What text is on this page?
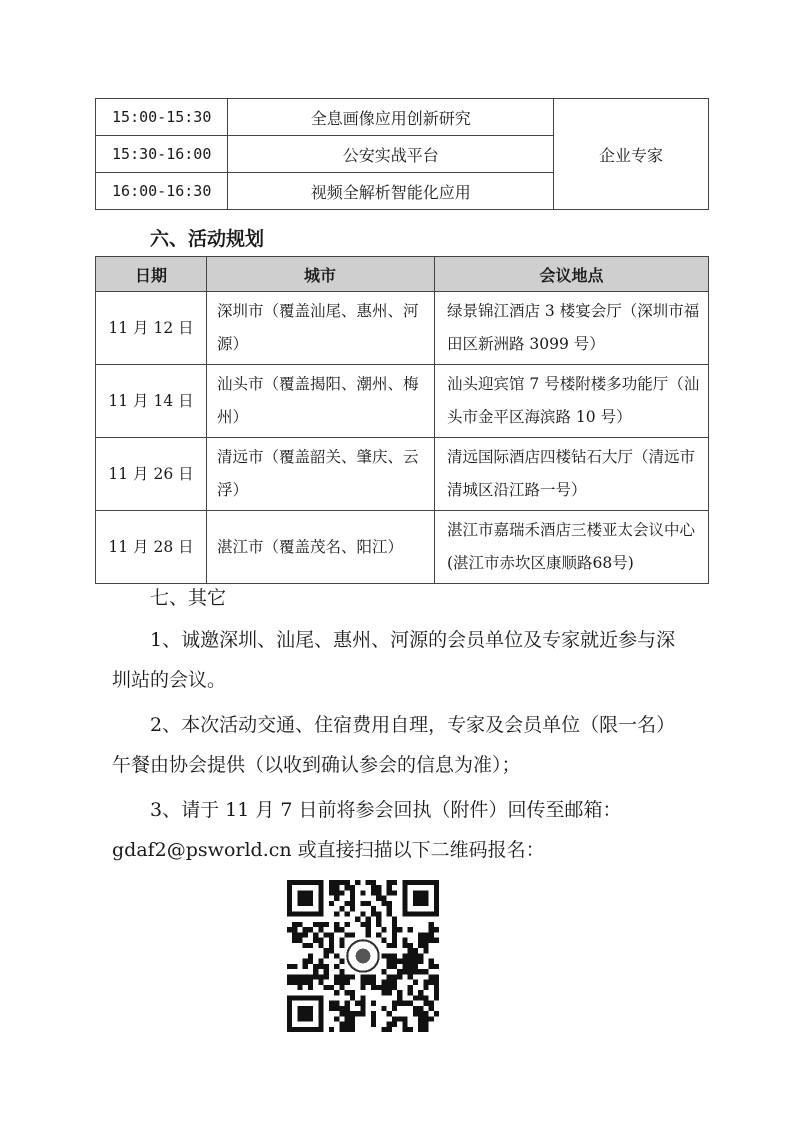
15:00-15:30	全息画像应用创新研究	企业专家
15:30-16:00	公安实战平台	
16:00-16:30	视频全解析智能化应用	
六、活动规划
日期	城市	会议地点
11 月 12 日	深圳市（覆盖汕尾、惠州、河源）	绿景锦江酒店 3 楼宴会厅（深圳市福田区新洲路 3099 号）
11 月 14 日	汕头市（覆盖揭阳、潮州、梅州）	汕头迎宾馆 7 号楼附楼多功能厅（汕头市金平区海滨路 10 号）
11 月 26 日	清远市（覆盖韶关、肇庆、云浮）	清远国际酒店四楼钻石大厅（清远市清城区沿江路一号）
11 月 28 日	湛江市（覆盖茂名、阳江）	湛江市嘉瑞禾酒店三楼亚太会议中心(湛江市赤坎区康顺路68号)
七、其它

1、诚邀深圳、汕尾、惠州、河源的会员单位及专家就近参与深圳站的会议。

2、本次活动交通、住宿费用自理，专家及会员单位（限一名）午餐由协会提供（以收到确认参会的信息为准）；

3、请于 11 月 7 日前将参会回执（附件）回传至邮箱：gdaf2@psworld.cn 或直接扫描以下二维码报名：
